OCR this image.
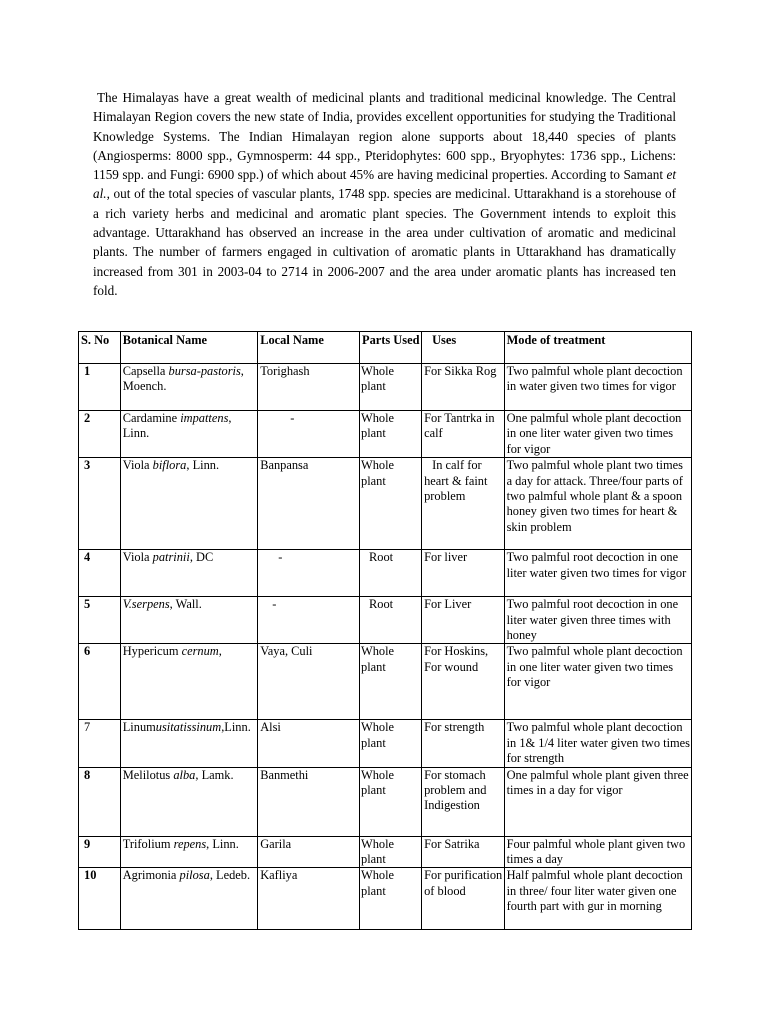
The Himalayas have a great wealth of medicinal plants and traditional medicinal knowledge. The Central Himalayan Region covers the new state of India, provides excellent opportunities for studying the Traditional Knowledge Systems. The Indian Himalayan region alone supports about 18,440 species of plants (Angiosperms: 8000 spp., Gymnosperm: 44 spp., Pteridophytes: 600 spp., Bryophytes: 1736 spp., Lichens: 1159 spp. and Fungi: 6900 spp.) of which about 45% are having medicinal properties. According to Samant et al., out of the total species of vascular plants, 1748 spp. species are medicinal. Uttarakhand is a storehouse of a rich variety herbs and medicinal and aromatic plant species. The Government intends to exploit this advantage. Uttarakhand has observed an increase in the area under cultivation of aromatic and medicinal plants. The number of farmers engaged in cultivation of aromatic plants in Uttarakhand has dramatically increased from 301 in 2003-04 to 2714 in 2006-2007 and the area under aromatic plants has increased ten fold.

S. No	Botanical Name	Local Name	Parts Used	Uses	Mode of treatment
1	Capsella bursa-pastoris, Moench.	Torighash	Whole plant	For Sikka Rog	Two palmful whole plant decoction in water given two times for vigor
2	Cardamine impattens, Linn.	-	Whole plant	For Tantrka in calf	One palmful whole plant decoction in one liter water given two times for vigor
3	Viola biflora, Linn.	Banpansa	Whole plant	In calf for heart & faint problem	Two palmful whole plant two times a day for attack. Three/four parts of two palmful whole plant & a spoon honey given two times for heart & skin problem
4	Viola patrinii, DC	-	Root	For liver	Two palmful root decoction in one liter water given two times for vigor
5	V.serpens, Wall.	-	Root	For Liver	Two palmful root decoction in one liter water given three times with honey
6	Hypericum cernum,	Vaya, Culi	Whole plant	For Hoskins, For wound	Two palmful whole plant decoction in one liter water given two times for vigor
7	Linumusitatissinum,Linn.	Alsi	Whole plant	For strength	Two palmful whole plant decoction in 1& 1/4 liter water given two times for strength
8	Melilotus alba, Lamk.	Banmethi	Whole plant	For stomach problem and Indigestion	One palmful whole plant given three times in a day for vigor
9	Trifolium repens, Linn.	Garila	Whole plant	For Satrika	Four palmful whole plant given two times a day
10	Agrimonia pilosa, Ledeb.	Kafliya	Whole plant	For purification of blood	Half palmful whole plant decoction in three/ four liter water given one fourth part with gur in morning
